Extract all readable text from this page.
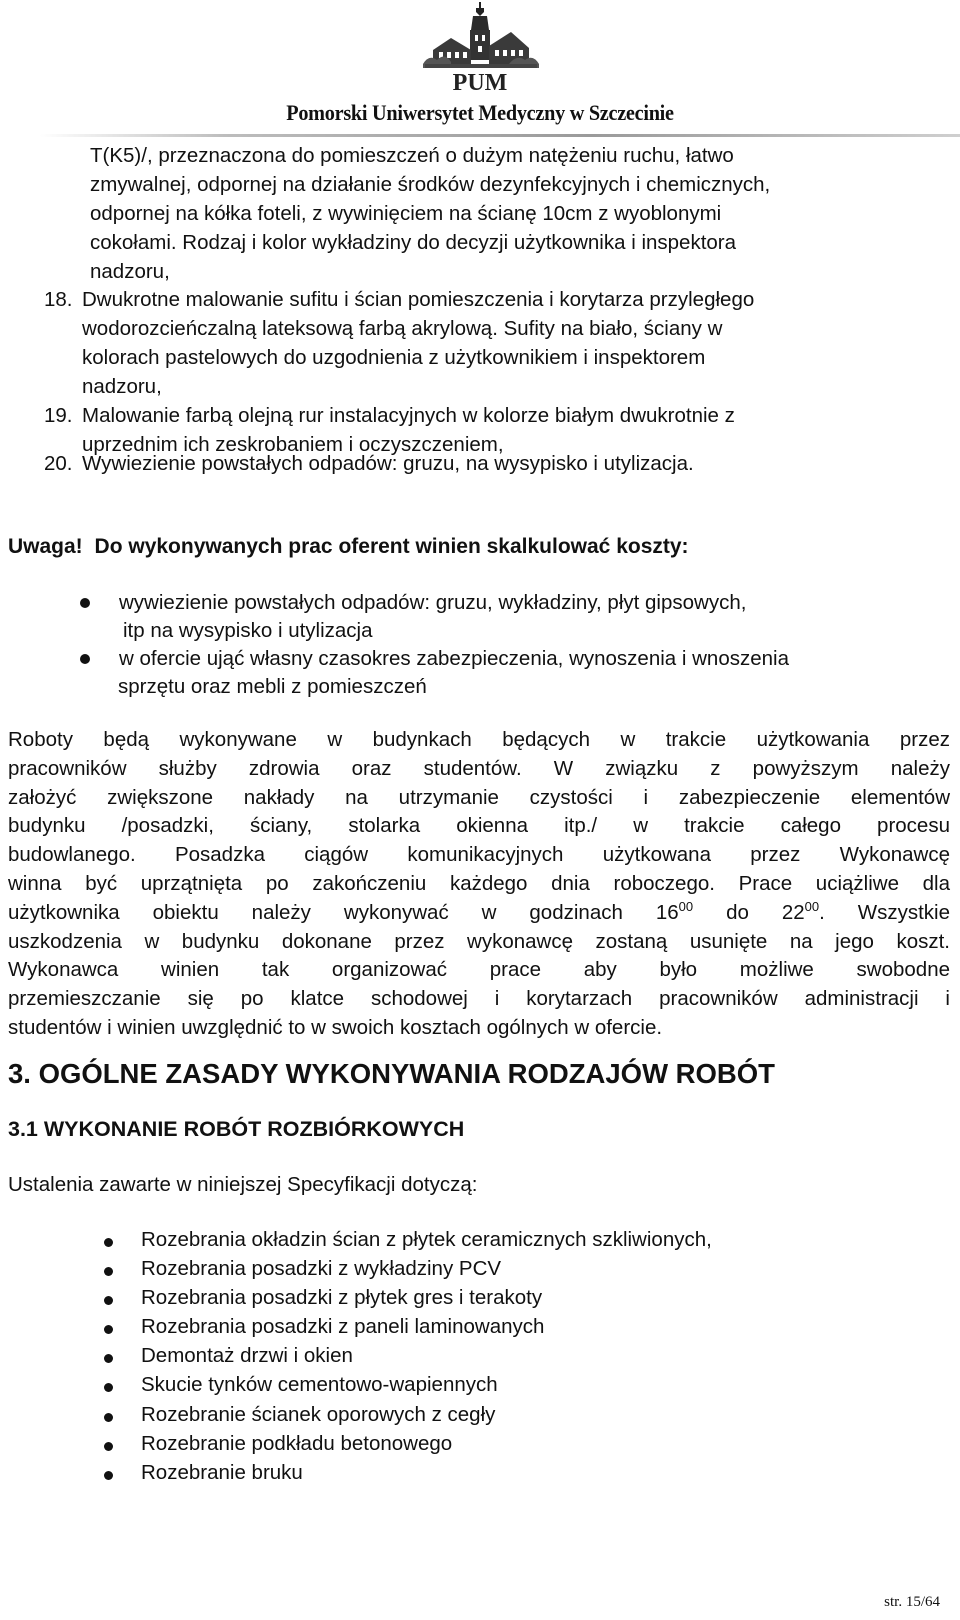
PUM
Pomorski Uniwersytet Medyczny w Szczecinie
T(K5)/, przeznaczona do pomieszczeń o dużym natężeniu ruchu, łatwo
zmywalnej, odpornej na działanie środków dezynfekcyjnych i chemicznych,
odpornej na kółka foteli, z wywinięciem na ścianę 10cm z wyoblonymi
cokołami. Rodzaj i kolor wykładziny do decyzji użytkownika i inspektora
nadzoru,
18. Dwukrotne malowanie sufitu i ścian pomieszczenia i korytarza przyległego
wodorozcieńczalną lateksową farbą akrylową. Sufity na biało, ściany w
kolorach pastelowych do uzgodnienia z użytkownikiem i inspektorem
nadzoru,
19. Malowanie farbą olejną rur instalacyjnych w kolorze białym dwukrotnie z
uprzednim ich zeskrobaniem i oczyszczeniem,
20. Wywiezienie powstałych odpadów: gruzu, na wysypisko i utylizacja.
Uwaga! Do wykonywanych prac oferent winien skalkulować koszty:
wywiezienie powstałych odpadów: gruzu, wykładziny, płyt gipsowych,
itp na wysypisko i utylizacja
w ofercie ująć własny czasokres zabezpieczenia, wynoszenia i wnoszenia
sprzętu oraz mebli z pomieszczeń
Roboty będą wykonywane w budynkach będących w trakcie użytkowania przez
pracowników służby zdrowia oraz studentów. W związku z powyższym należy
założyć zwiększone nakłady na utrzymanie czystości i zabezpieczenie elementów
budynku /posadzki, ściany, stolarka okienna itp./ w trakcie całego procesu
budowlanego. Posadzka ciągów komunikacyjnych użytkowana przez Wykonawcę
winna być uprzątnięta po zakończeniu każdego dnia roboczego. Prace uciążliwe dla
użytkownika obiektu należy wykonywać w godzinach $16^{00}$ do $22^{00}$. Wszystkie
uszkodzenia w budynku dokonane przez wykonawcę zostaną usunięte na jego koszt.
Wykonawca winien tak organizować prace aby było możliwe swobodne
przemieszczanie się po klatce schodowej i korytarzach pracowników administracji i
studentów i winien uwzględnić to w swoich kosztach ogólnych w ofercie.
3. OGÓLNE ZASADY WYKONYWANIA RODZAJÓW ROBÓT
3.1 WYKONANIE ROBÓT ROZBIÓRKOWYCH
Ustalenia zawarte w niniejszej Specyfikacji dotyczą:
Rozebrania okładzin ścian z płytek ceramicznych szkliwionych,
Rozebrania posadzki z wykładziny PCV
Rozebrania posadzki z płytek gres i terakoty
Rozebrania posadzki z paneli laminowanych
Demontaż drzwi i okien
Skucie tynków cementowo-wapiennych
Rozebranie ścianek oporowych z cegły
Rozebranie podkładu betonowego
Rozebranie bruku
str. 15/64
